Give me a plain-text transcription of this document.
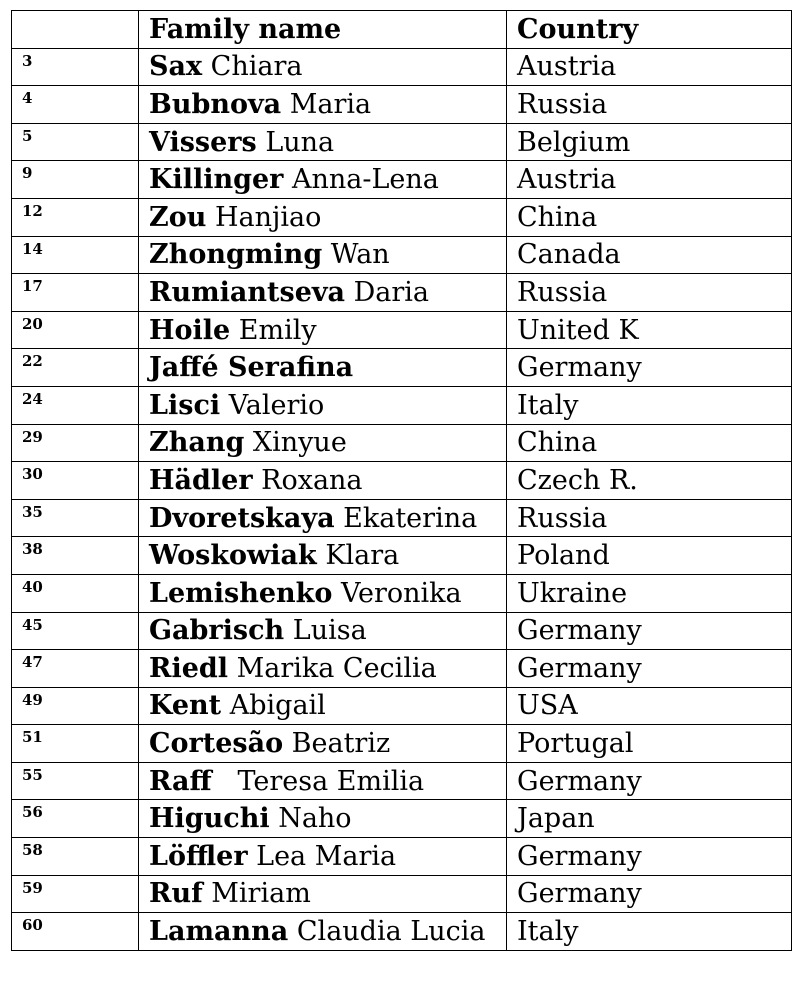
	Family name	Country
3	Sax Chiara	Austria
4	Bubnova Maria	Russia
5	Vissers Luna	Belgium
9	Killinger Anna-Lena	Austria
12	Zou Hanjiao	China
14	Zhongming Wan	Canada
17	Rumiantseva Daria	Russia
20	Hoile Emily	United K
22	Jaffé Serafina	Germany
24	Lisci Valerio	Italy
29	Zhang Xinyue	China
30	Hädler Roxana	Czech R.
35	Dvoretskaya Ekaterina	Russia
38	Woskowiak Klara	Poland
40	Lemishenko Veronika	Ukraine
45	Gabrisch Luisa	Germany
47	Riedl Marika Cecilia	Germany
49	Kent Abigail	USA
51	Cortesão Beatriz	Portugal
55	Raff   Teresa Emilia	Germany
56	Higuchi Naho	Japan
58	Löffler Lea Maria	Germany
59	Ruf Miriam	Germany
60	Lamanna Claudia Lucia	Italy
